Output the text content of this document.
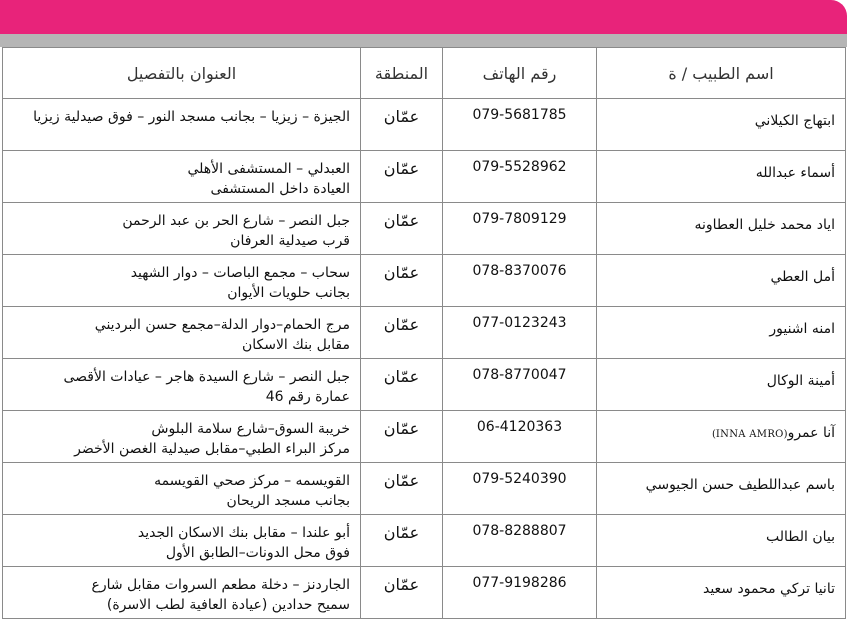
اسم الطبيب / ة	رقم الهاتف	المنطقة	العنوان بالتفصيل
ابتهاج الكيلاني	079-5681785	عمّان	الجيزة – زيزيا – بجانب مسجد النور – فوق صيدلية زيزيا

أسماء عبدالله	079-5528962	عمّان	العبدلي – المستشفى الأهلي
العيادة داخل المستشفى

اياد محمد خليل العطاونه	079-7809129	عمّان	جبل النصر – شارع الحر بن عبد الرحمن
قرب صيدلية العرفان

أمل العطي	078-8370076	عمّان	سحاب – مجمع الباصات – دوار الشهيد
بجانب حلويات الأيوان

امنه اشنيور	077-0123243	عمّان	مرج الحمام–دوار الدلة–مجمع حسن البرديني
مقابل بنك الاسكان

أمينة الوكال	078-8770047	عمّان	جبل النصر – شارع السيدة هاجر – عيادات الأقصى
عمارة رقم 46

آنا عمرو(INNA AMRO)	06-4120363	عمّان	خريبة السوق–شارع سلامة البلوش
مركز البراء الطبي–مقابل صيدلية الغصن الأخضر

باسم عبداللطيف حسن الجيوسي	079-5240390	عمّان	القويسمه – مركز صحي القويسمه
بجانب مسجد الريحان

بيان الطالب	078-8288807	عمّان	أبو علندا – مقابل بنك الاسكان الجديد
فوق محل الدونات–الطابق الأول

تانيا تركي محمود سعيد	077-9198286	عمّان	الجاردنز – دخلة مطعم السروات مقابل شارع
سميح حدادين (عيادة العافية لطب الاسرة)
